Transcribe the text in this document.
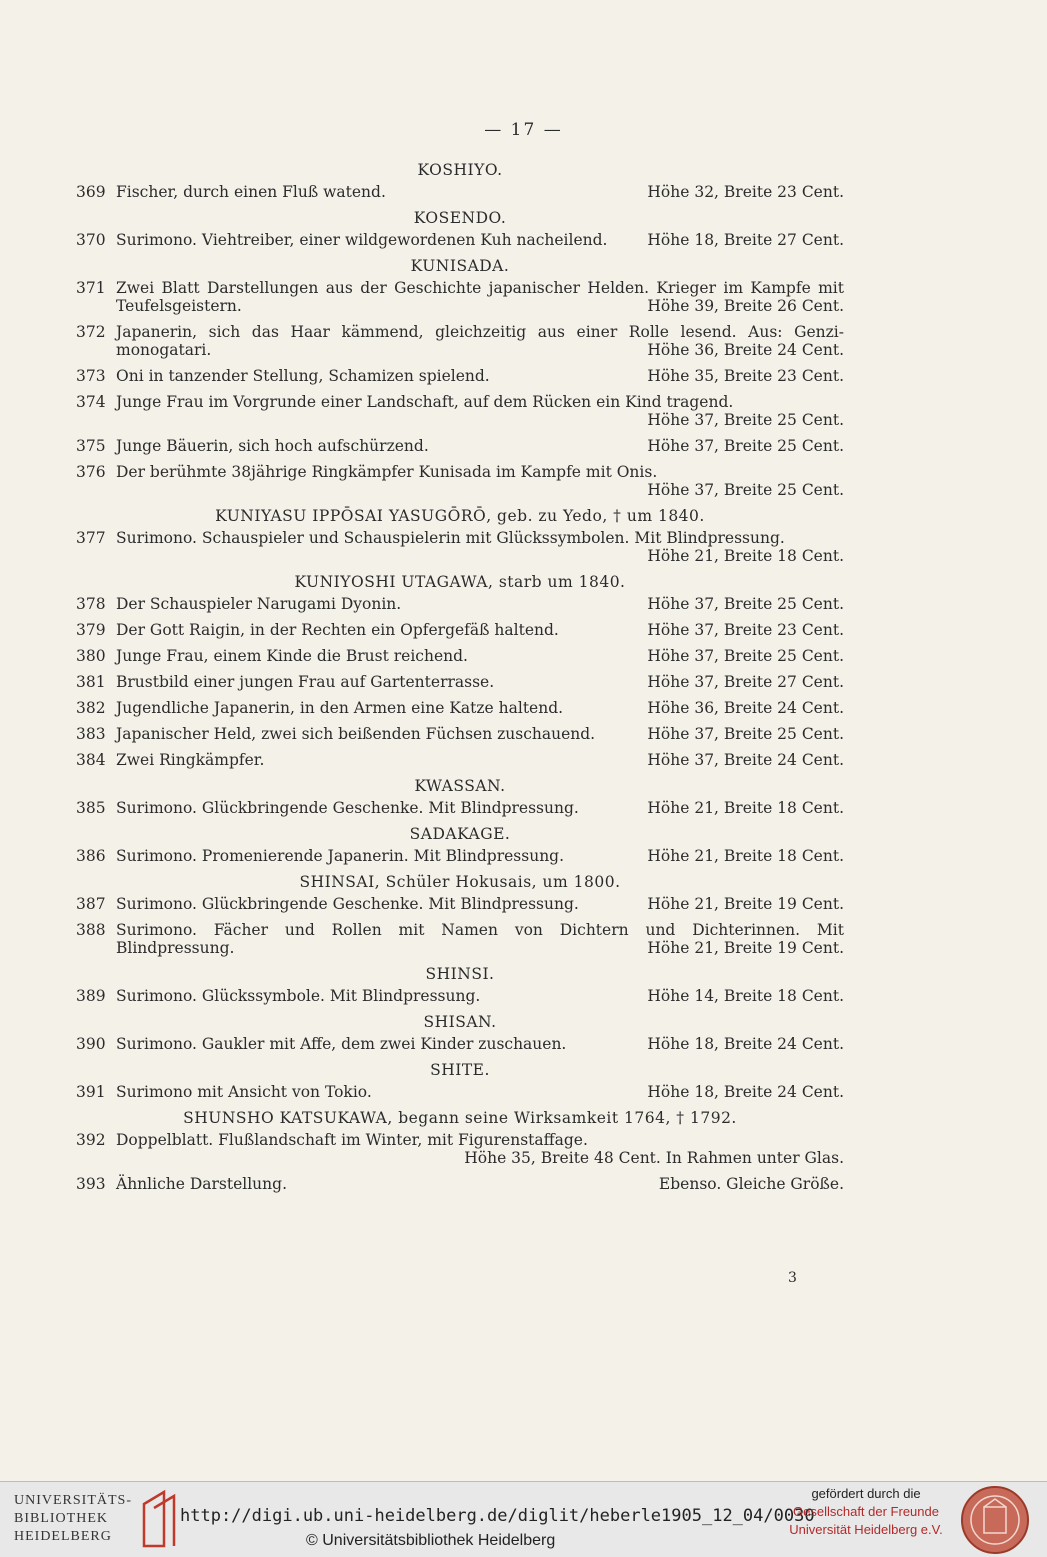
— 17 —
KOSHIYO.
369 Fischer, durch einen Fluß watend.	Höhe 32, Breite 23 Cent.
KOSENDO.
370 Surimono. Viehtreiber, einer wildgewordenen Kuh nacheilend.	Höhe 18, Breite 27 Cent.
KUNISADA.
371 Zwei Blatt Darstellungen aus der Geschichte japanischer Helden. Krieger im Kampfe mit Teufelsgeistern.	Höhe 39, Breite 26 Cent.
372 Japanerin, sich das Haar kämmend, gleichzeitig aus einer Rolle lesend. Aus: Genzi-monogatari.	Höhe 36, Breite 24 Cent.
373 Oni in tanzender Stellung, Schamizen spielend.	Höhe 35, Breite 23 Cent.
374 Junge Frau im Vorgrunde einer Landschaft, auf dem Rücken ein Kind tragend.
Höhe 37, Breite 25 Cent.
375 Junge Bäuerin, sich hoch aufschürzend.	Höhe 37, Breite 25 Cent.
376 Der berühmte 38jährige Ringkämpfer Kunisada im Kampfe mit Onis.
Höhe 37, Breite 25 Cent.
KUNIYASU IPPŌSAI YASUGŌRŌ, geb. zu Yedo, † um 1840.
377 Surimono. Schauspieler und Schauspielerin mit Glückssymbolen. Mit Blindpressung.
Höhe 21, Breite 18 Cent.
KUNIYOSHI UTAGAWA, starb um 1840.
378 Der Schauspieler Narugami Dyonin.	Höhe 37, Breite 25 Cent.
379 Der Gott Raigin, in der Rechten ein Opfergefäß haltend.	Höhe 37, Breite 23 Cent.
380 Junge Frau, einem Kinde die Brust reichend.	Höhe 37, Breite 25 Cent.
381 Brustbild einer jungen Frau auf Gartenterrasse.	Höhe 37, Breite 27 Cent.
382 Jugendliche Japanerin, in den Armen eine Katze haltend.	Höhe 36, Breite 24 Cent.
383 Japanischer Held, zwei sich beißenden Füchsen zuschauend.	Höhe 37, Breite 25 Cent.
384 Zwei Ringkämpfer.	Höhe 37, Breite 24 Cent.
KWASSAN.
385 Surimono. Glückbringende Geschenke. Mit Blindpressung.	Höhe 21, Breite 18 Cent.
SADAKAGE.
386 Surimono. Promenierende Japanerin. Mit Blindpressung.	Höhe 21, Breite 18 Cent.
SHINSAI, Schüler Hokusais, um 1800.
387 Surimono. Glückbringende Geschenke. Mit Blindpressung.	Höhe 21, Breite 19 Cent.
388 Surimono. Fächer und Rollen mit Namen von Dichtern und Dichterinnen. Mit Blindpressung.	Höhe 21, Breite 19 Cent.
SHINSI.
389 Surimono. Glückssymbole. Mit Blindpressung.	Höhe 14, Breite 18 Cent.
SHISAN.
390 Surimono. Gaukler mit Affe, dem zwei Kinder zuschauen.	Höhe 18, Breite 24 Cent.
SHITE.
391 Surimono mit Ansicht von Tokio.	Höhe 18, Breite 24 Cent.
SHUNSHO KATSUKAWA, begann seine Wirksamkeit 1764, † 1792.
392 Doppelblatt. Flußlandschaft im Winter, mit Figurenstaffage.
Höhe 35, Breite 48 Cent. In Rahmen unter Glas.
393 Ähnliche Darstellung.	Ebenso. Gleiche Größe.
3
UNIVERSITÄTS-
BIBLIOTHEK
HEIDELBERG
http://digi.ub.uni-heidelberg.de/diglit/heberle1905_12_04/0030
© Universitätsbibliothek Heidelberg
gefördert durch die
Gesellschaft der Freunde
Universität Heidelberg e.V.
